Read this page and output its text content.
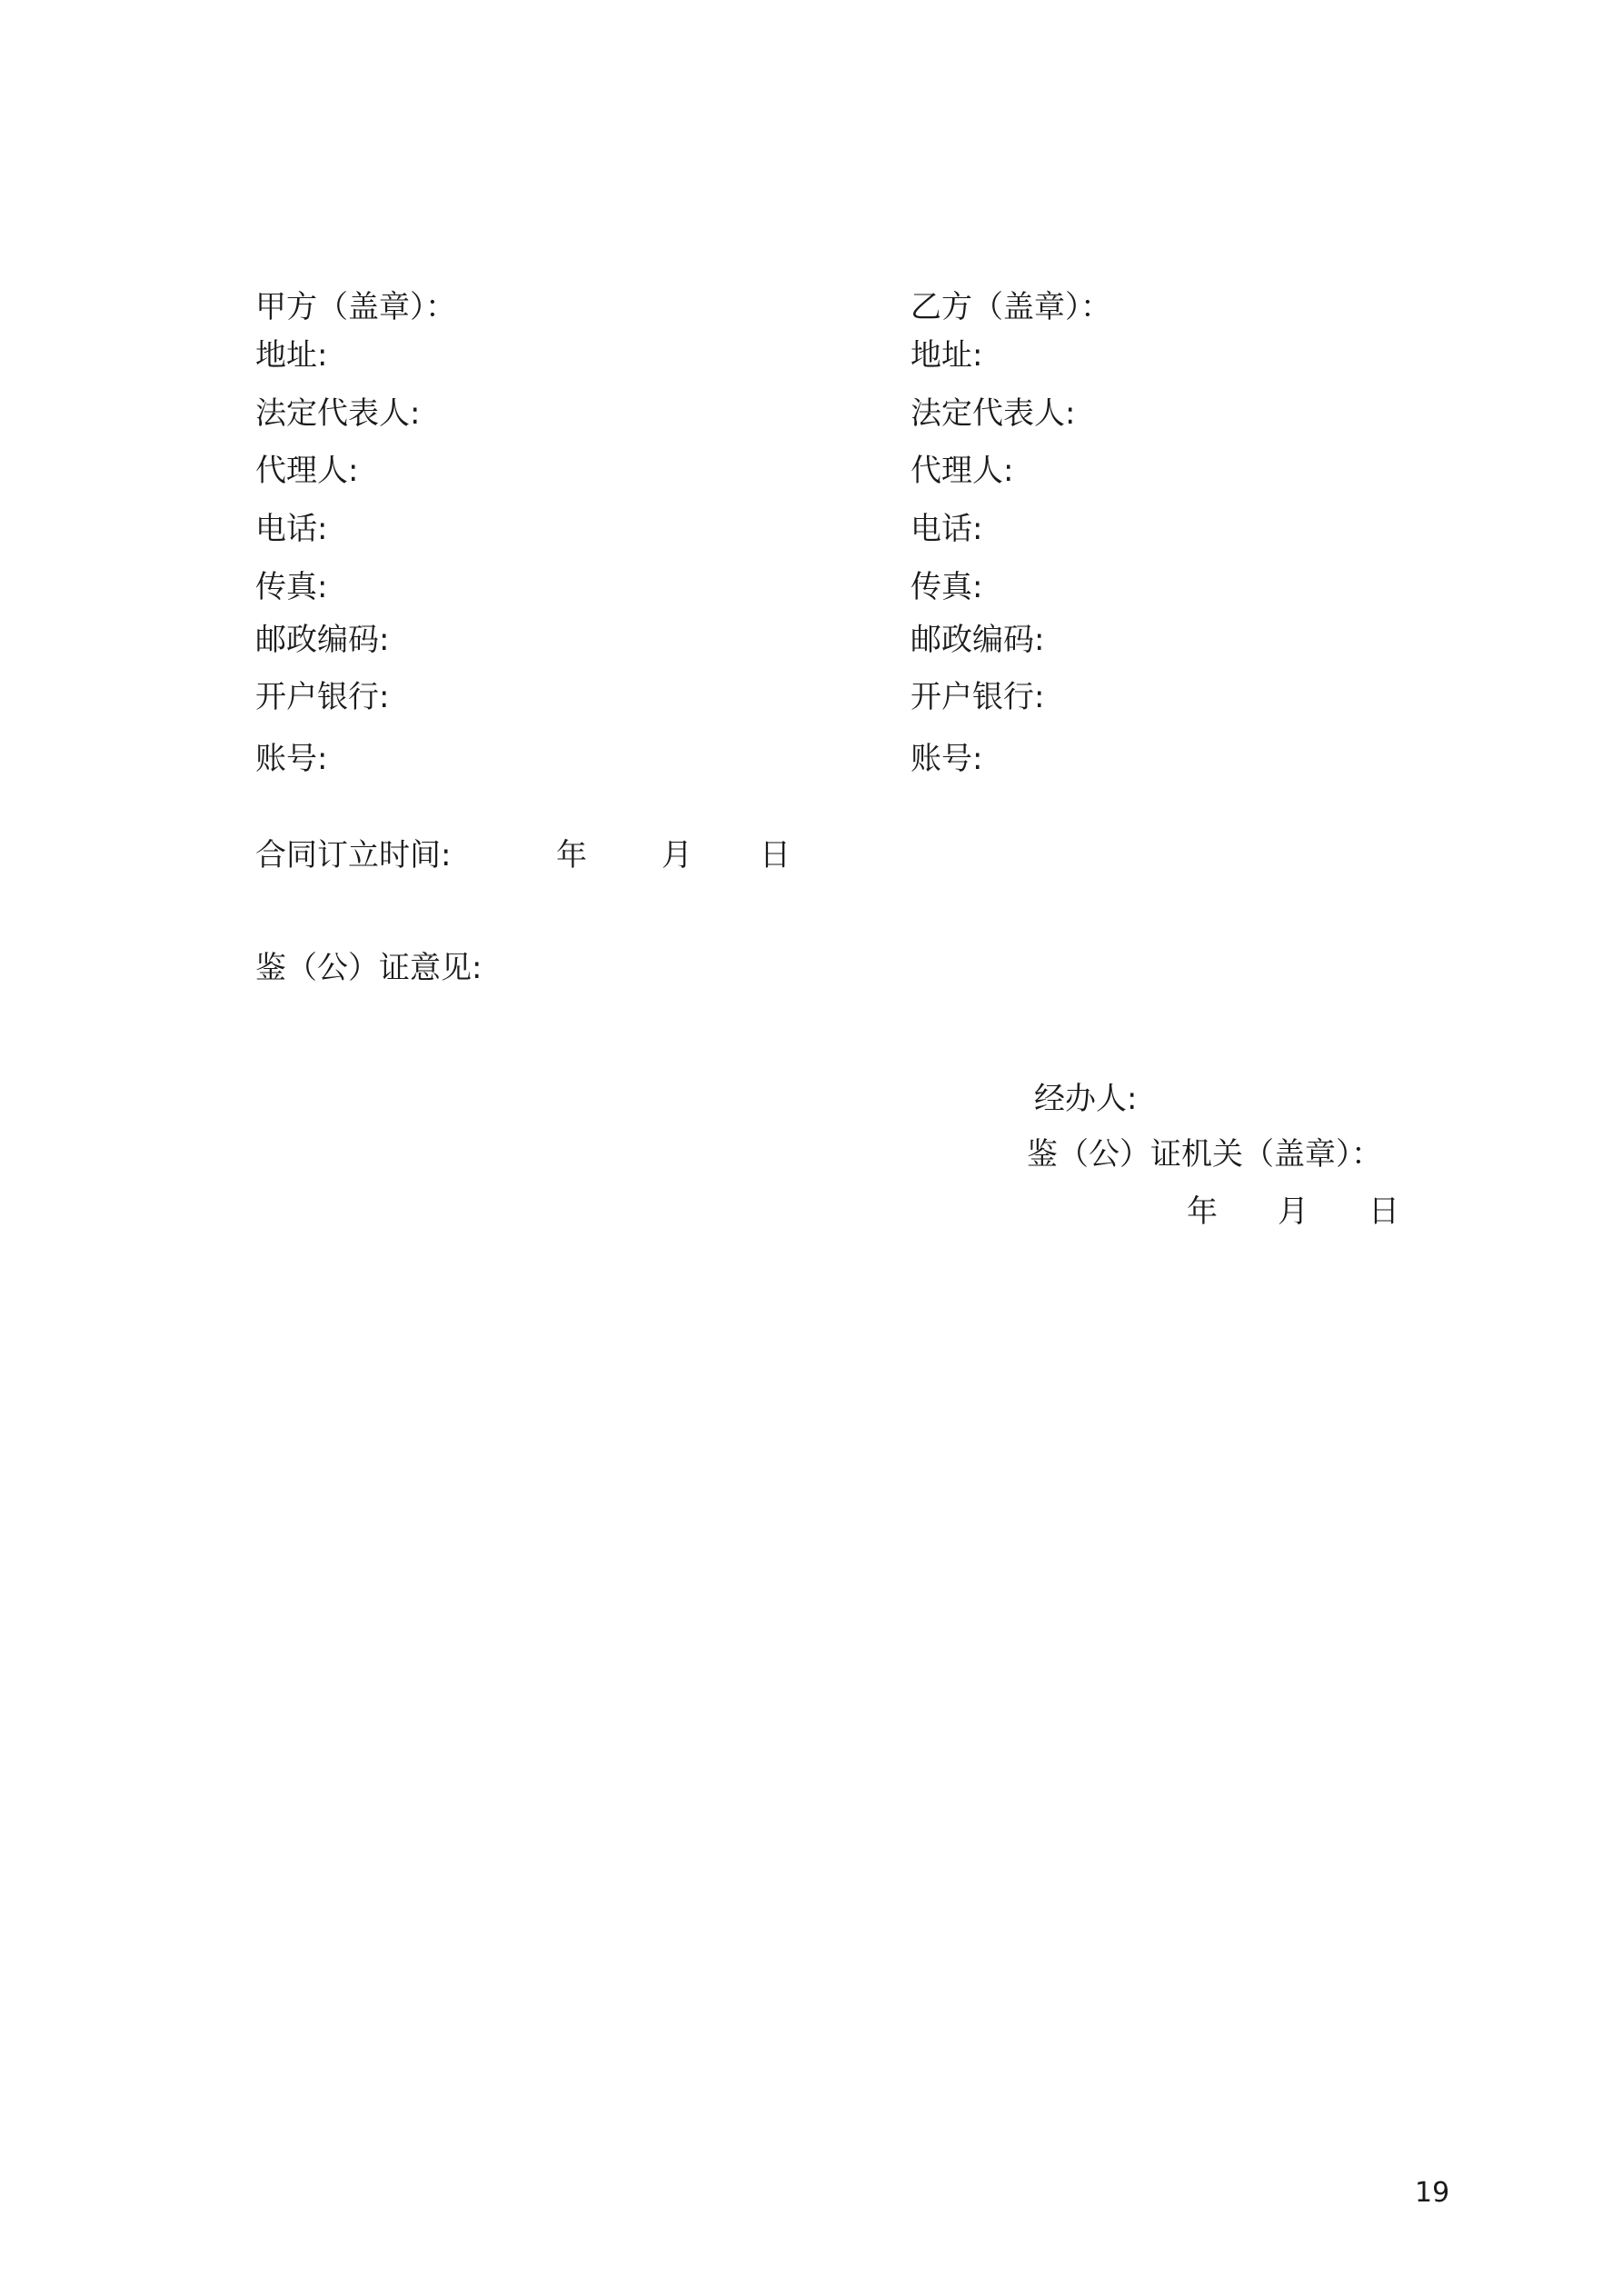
甲方（盖章）：
地址:
法定代表人:
代理人:
电话:
传真:
邮政编码:
开户银行:
账号:
乙方（盖章）：
地址:
法定代表人:
代理人:
电话:
传真:
邮政编码:
开户银行:
账号:
合同订立时间:	年 月 日
鉴（公）证意见:
经办人:
鉴（公）证机关（盖章）：
年 月 日
19
